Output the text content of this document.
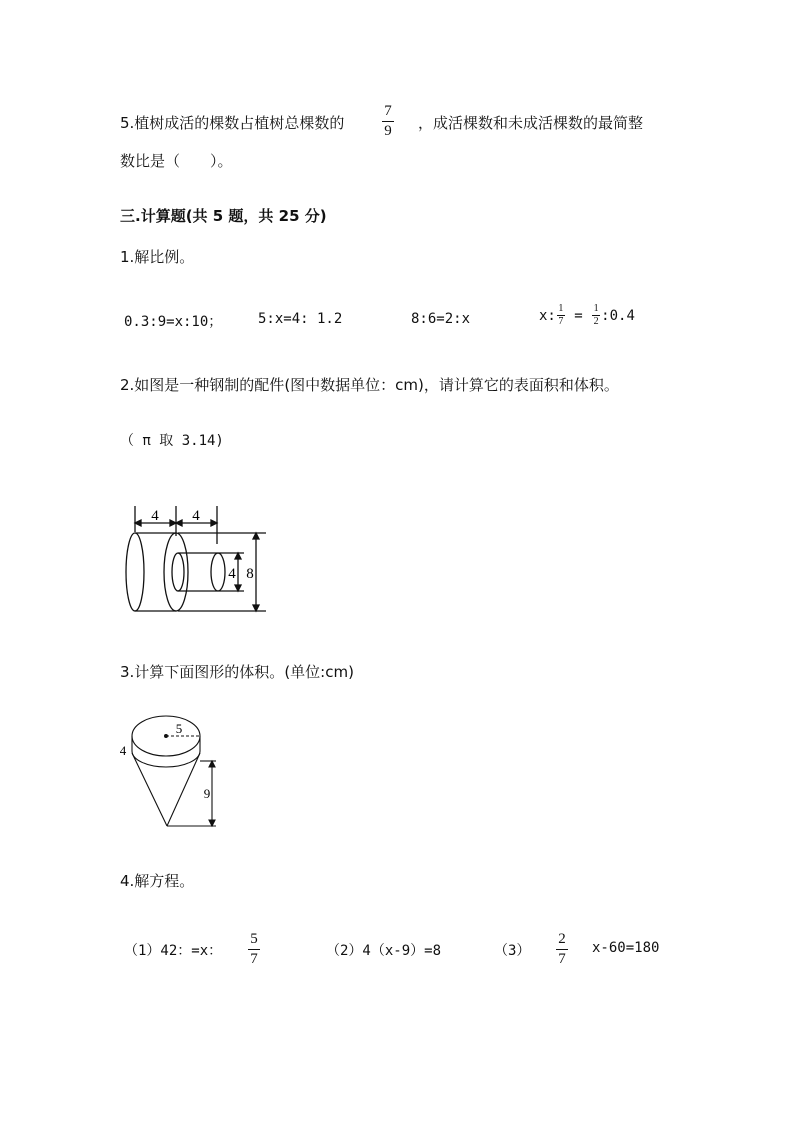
5.植树成活的棵数占植树总棵数的
7
9 ，成活棵数和未成活棵数的最简整
数比是（　　）。
三.计算题(共 5 题，共 25 分)
1.解比例。
0.3:9=x:10；	5:x=4: 1.2	8:6=2:x	x: 1
7 = 1
2 :0.4
2.如图是一种钢制的配件(图中数据单位：cm)，请计算它的表面积和体积。
（ π 取 3.14)
4 4
4 8
3.计算下面图形的体积。(单位:cm)
5
4
9
4.解方程。
（1）42：=x：
5
7	（2）4（x-9）=8	（3）
2
7
x-60=180
